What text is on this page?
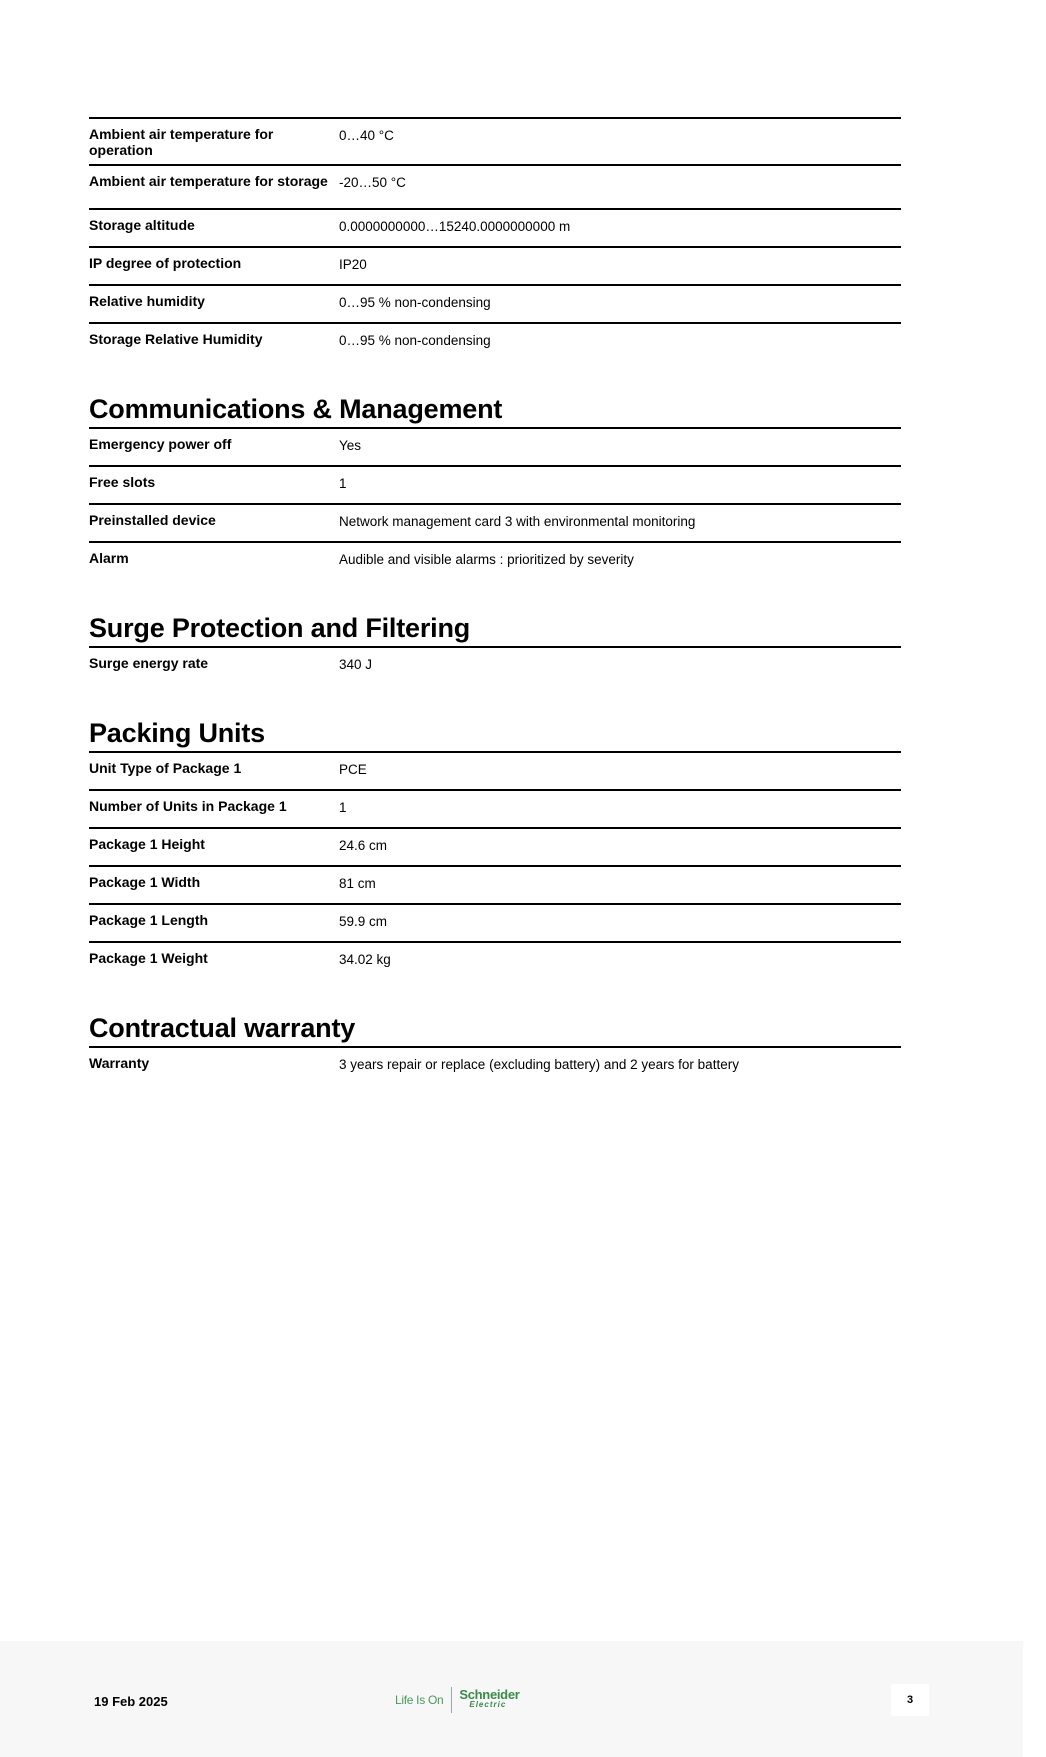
Ambient air temperature for operation	0…40 °C
Ambient air temperature for storage	-20…50 °C
Storage altitude	0.0000000000…15240.0000000000 m
IP degree of protection	IP20
Relative humidity	0…95 % non-condensing
Storage Relative Humidity	0…95 % non-condensing
Communications & Management
Emergency power off	Yes
Free slots	1
Preinstalled device	Network management card 3 with environmental monitoring
Alarm	Audible and visible alarms : prioritized by severity
Surge Protection and Filtering
Surge energy rate	340 J
Packing Units
Unit Type of Package 1	PCE
Number of Units in Package 1	1
Package 1 Height	24.6 cm
Package 1 Width	81 cm
Package 1 Length	59.9 cm
Package 1 Weight	34.02 kg
Contractual warranty
Warranty	3 years repair or replace (excluding battery) and 2 years for battery
19 Feb 2025	Life Is On Schneider
Electric	3
